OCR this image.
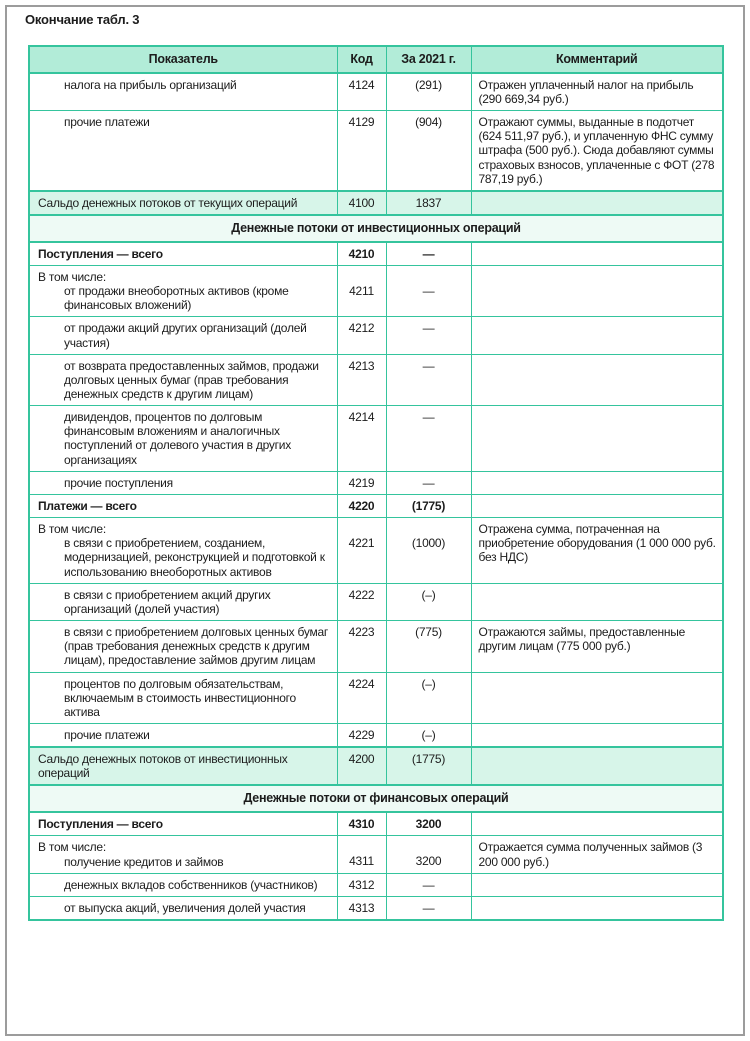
Окончание табл. 3
Показатель	Код	За 2021 г.	Комментарий

налога на прибыль организаций	4124	(291)	Отражен уплаченный налог на прибыль (290 669,34 руб.)

прочие платежи	4129	(904)	Отражают суммы, выданные в подотчет (624 511,97 руб.), и уплаченную ФНС сумму штрафа (500 руб.). Сюда добавляют суммы страховых взносов, уплаченные с ФОТ (278 787,19 руб.)

Сальдо денежных потоков от текущих операций	4100	1837	
Денежные потоки от инвестиционных операций			

Поступления — всего	4210	—	

В том числе:
от продажи внеоборотных активов (кроме финансовых вложений)	4211	—	

от продажи акций других организаций (долей участия)	4212	—	

от возврата предоставленных займов, продажи долговых ценных бумаг (прав требования денежных средств к другим лицам)	4213	—	

дивидендов, процентов по долговым финансовым вложениям и аналогичных поступлений от долевого участия в других организациях	4214	—	

прочие поступления	4219	—	

Платежи — всего	4220	(1775)	

В том числе:
в связи с приобретением, созданием, модернизацией, реконструкцией и подготовкой к использованию внеоборотных активов	4221	(1000)	Отражена сумма, потраченная на приобретение оборудования (1 000 000 руб. без НДС)

в связи с приобретением акций других организаций (долей участия)	4222	(–)	

в связи с приобретением долговых ценных бумаг (прав требования денежных средств к другим лицам), предоставление займов другим лицам	4223	(775)	Отражаются займы, предоставленные другим лицам (775 000 руб.)

процентов по долговым обязательствам, включаемым в стоимость инвестиционного актива	4224	(–)	

прочие платежи	4229	(–)	

Сальдо денежных потоков от инвестиционных операций	4200	(1775)	
Денежные потоки от финансовых операций			

Поступления — всего	4310	3200	

В том числе:
получение кредитов и займов	4311	3200	Отражается сумма полученных займов (3 200 000 руб.)

денежных вкладов собственников (участников)	4312	—	

от выпуска акций, увеличения долей участия	4313	—	
